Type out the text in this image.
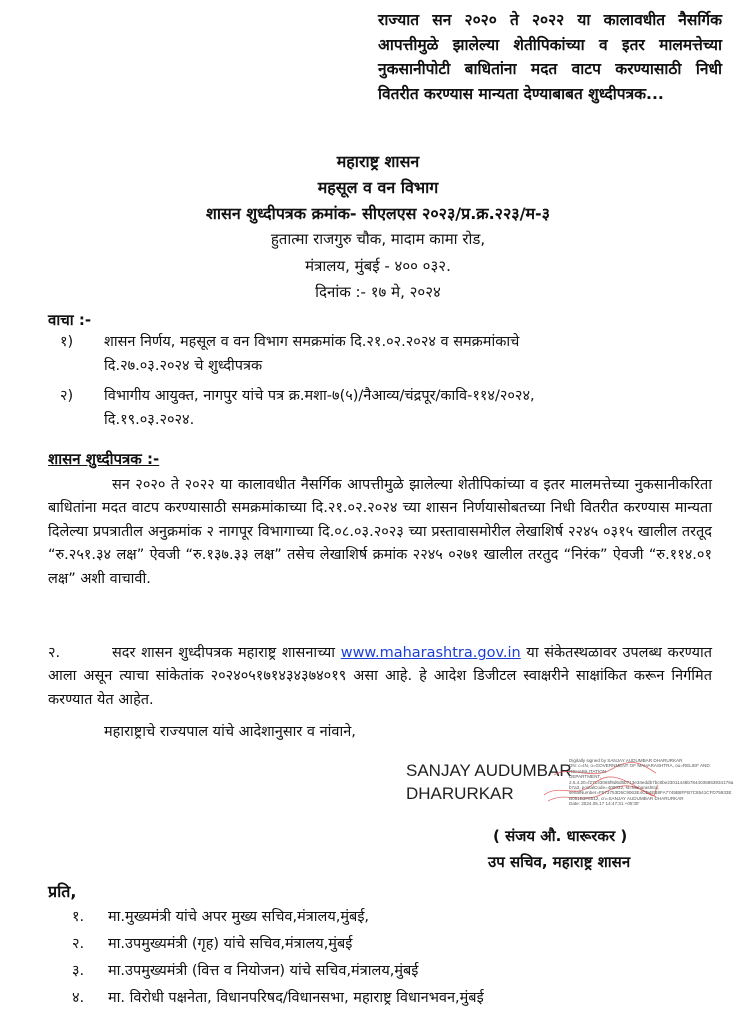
राज्यात सन २०२० ते २०२२ या कालावधीत नैसर्गिक आपत्तीमुळे झालेल्या शेतीपिकांच्या व इतर मालमत्तेच्या नुकसानीपोटी बाधितांना मदत वाटप करण्यासाठी निधी वितरीत करण्यास मान्यता देण्याबाबत शुध्दीपत्रक...
महाराष्ट्र शासन
महसूल व वन विभाग
शासन शुध्दीपत्रक क्रमांक- सीएलएस २०२३/प्र.क्र.२२३/म-३
हुतात्मा राजगुरु चौक, मादाम कामा रोड,
मंत्रालय, मुंबई - ४०० ०३२.
दिनांक :- १७ मे, २०२४
वाचा :-
१) शासन निर्णय, महसूल व वन विभाग समक्रमांक दि.२१.०२.२०२४ व समक्रमांकाचे
दि.२७.०३.२०२४ चे शुध्दीपत्रक
२) विभागीय आयुक्त, नागपुर यांचे पत्र क्र.मशा-७(५)/नैआव्य/चंद्रपूर/कावि-११४/२०२४,
दि.१९.०३.२०२४.
शासन शुध्दीपत्रक :-
सन २०२० ते २०२२ या कालावधीत नैसर्गिक आपत्तीमुळे झालेल्या शेतीपिकांच्या व इतर मालमत्तेच्या नुकसानीकरिता बाधितांना मदत वाटप करण्यासाठी समक्रमांकाच्या दि.२१.०२.२०२४ च्या शासन निर्णयासोबतच्या निधी वितरीत करण्यास मान्यता दिलेल्या प्रपत्रातील अनुक्रमांक २ नागपूर विभागाच्या दि.०८.०३.२०२३ च्या प्रस्तावासमोरील लेखाशिर्ष २२४५ ०३१५ खालील तरतूद “रु.२५१.३४ लक्ष” ऐवजी “रु.१३७.३३ लक्ष” तसेच लेखाशिर्ष क्रमांक २२४५ ०२७१ खालील तरतुद “निरंक” ऐवजी “रु.११४.०१ लक्ष” अशी वाचावी.
२.	सदर शासन शुध्दीपत्रक महाराष्ट्र शासनाच्या www.maharashtra.gov.in या संकेतस्थळावर उपलब्ध करण्यात आला असून त्याचा सांकेतांक २०२४०५१७१४३४३७४०१९ असा आहे. हे आदेश डिजीटल स्वाक्षरीने साक्षांकित करून निर्गमित करण्यात येत आहेत.
महाराष्ट्राचे राज्यपाल यांचे आदेशानुसार व नांवाने,
SANJAY AUDUMBAR
DHARURKAR
Digitally signed by SANJAY AUDUMBAR DHARURKAR
DN: c=IN, o=GOVERNMENT OF MAHARASHTRA, ou=RELIEF AND REHABILITATION
DEPARTMENT,
2.5.4.20=f27143065f9d6d5b713e34eddb7bc8be23011448b7844035863934176a
b7a3, postalCode=400032, st=Maharashtra,
serialNumber=F573753D5C9063E4CD4EB8FA7745B8FFB7C8541CFD75933E
B051B3F8512, cn=SANJAY AUDUMBAR DHARURKAR
Date: 2024.05.17 14:47:31 +05'30'
( संजय औ. धारूरकर )
उप सचिव, महाराष्ट्र शासन
प्रति,
१. मा.मुख्यमंत्री यांचे अपर मुख्य सचिव,मंत्रालय,मुंबई,
२. मा.उपमुख्यमंत्री (गृह) यांचे सचिव,मंत्रालय,मुंबई
३. मा.उपमुख्यमंत्री (वित्त व नियोजन) यांचे सचिव,मंत्रालय,मुंबई
४. मा. विरोधी पक्षनेता, विधानपरिषद/विधानसभा, महाराष्ट्र विधानभवन,मुंबई
